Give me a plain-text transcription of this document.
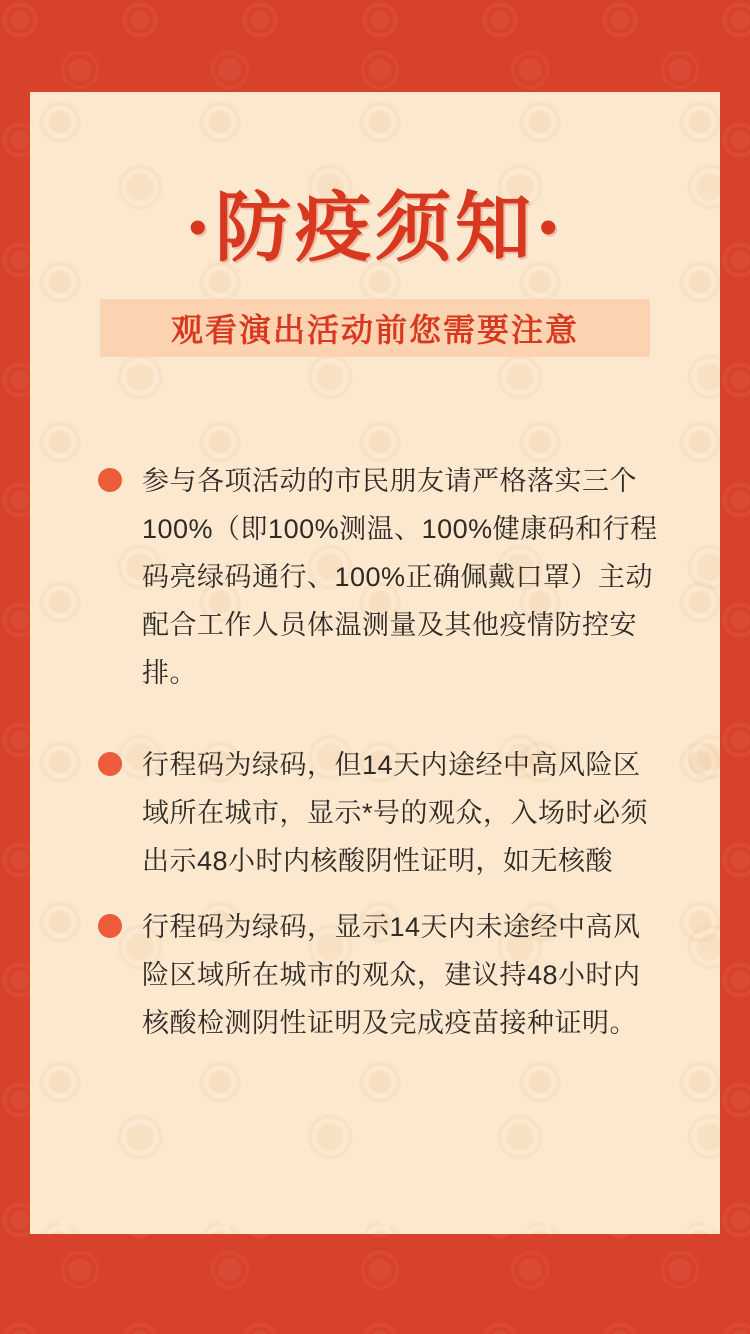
·防疫须知·
观看演出活动前您需要注意
参与各项活动的市民朋友请严格落实三个100%（即100%测温、100%健康码和行程码亮绿码通行、100%正确佩戴口罩）主动配合工作人员体温测量及其他疫情防控安排。
行程码为绿码，但14天内途经中高风险区域所在城市，显示*号的观众，入场时必须出示48小时内核酸阴性证明，如无核酸
行程码为绿码，显示14天内未途经中高风险区域所在城市的观众，建议持48小时内核酸检测阴性证明及完成疫苗接种证明。
